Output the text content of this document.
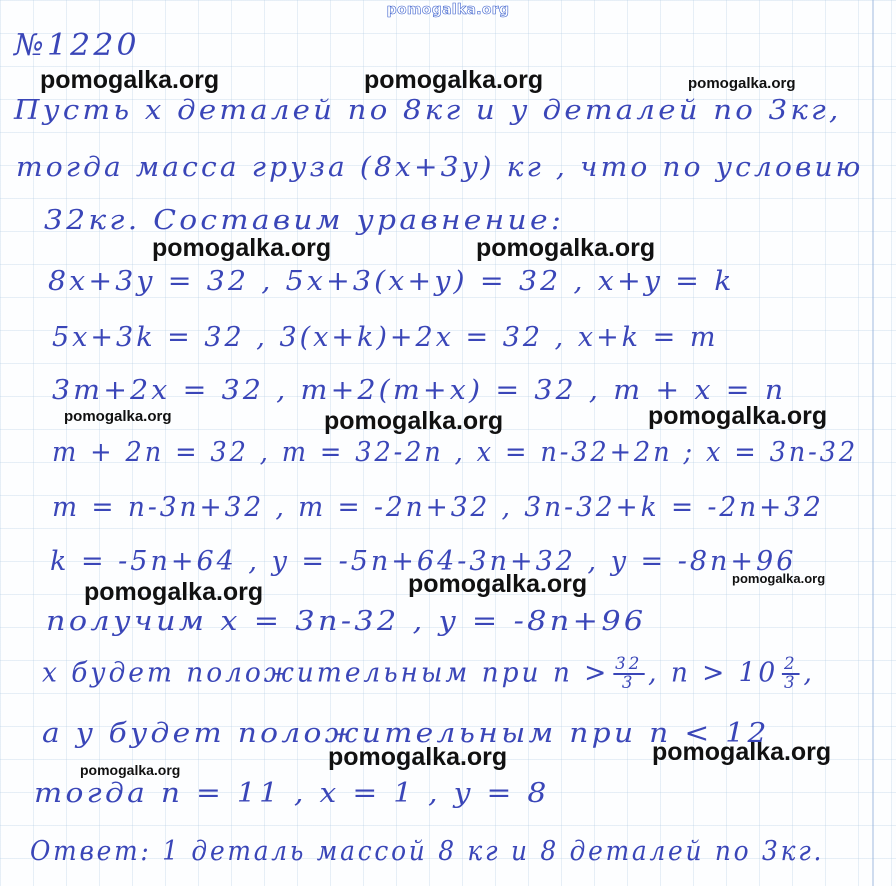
pomogalka.org
№1220
Пусть x деталей по 8кг и y деталей по 3кг,
тогда масса груза (8x+3y) кг , что по условию
32кг. Составим уравнение:
8x+3y = 32 , 5x+3(x+y) = 32 , x+y = k
5x+3k = 32 , 3(x+k)+2x = 32 , x+k = m
3m+2x = 32 , m+2(m+x) = 32 , m + x = n
m + 2n = 32 , m = 32-2n , x = n-32+2n ; x = 3n-32
m = n-3n+32 , m = -2n+32 , 3n-32+k = -2n+32
k = -5n+64 , y = -5n+64-3n+32 , y = -8n+96
получим x = 3n-32 , y = -8n+96
x будет положительным при $n > \frac{32}{3}$ , $n > 10 \frac{2}{3}$ ,
a y будет положительным при n < 12
тогда n = 11 , x = 1 , y = 8
Ответ: 1 деталь массой 8 кг и 8 деталей по 3кг.
pomogalka.org	pomogalka.org	pomogalka.org
pomogalka.org	pomogalka.org
pomogalka.org	pomogalka.org	pomogalka.org
pomogalka.org	pomogalka.org
pomogalka.org
pomogalka.org	pomogalka.org
pomogalka.org
